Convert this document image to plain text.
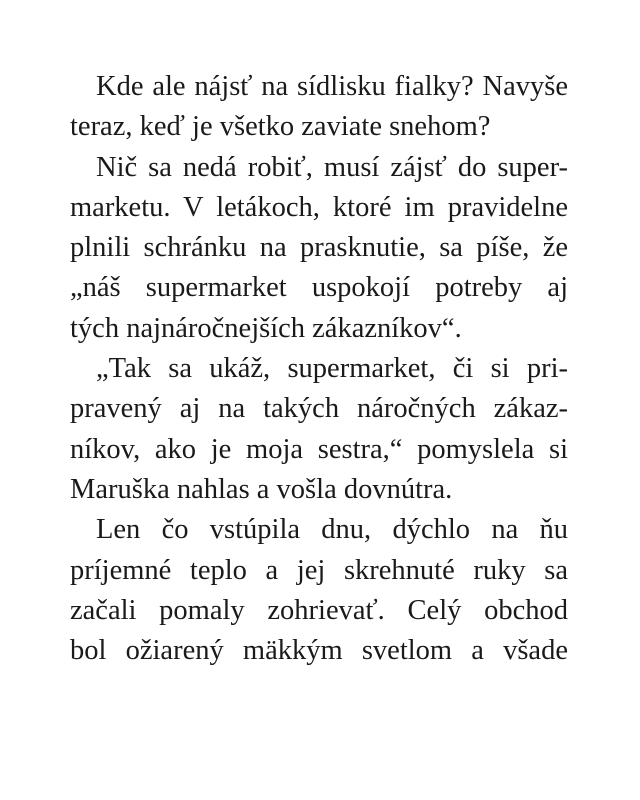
Kde ale nájsť na sídlisku fialky? Navyše
teraz, keď je všetko zaviate snehom?
Nič sa nedá robiť, musí zájsť do super-
marketu. V letákoch, ktoré im pravidelne
plnili schránku na prasknutie, sa píše, že
„náš supermarket uspokojí potreby aj
tých najnáročnejších zákazníkov“.
„Tak sa ukáž, supermarket, či si pri-
pravený aj na takých náročných zákaz-
níkov, ako je moja sestra,“ pomyslela si
Maruška nahlas a vošla dovnútra.
Len čo vstúpila dnu, dýchlo na ňu
príjemné teplo a jej skrehnuté ruky sa
začali pomaly zohrievať. Celý obchod
bol ožiarený mäkkým svetlom a všade
